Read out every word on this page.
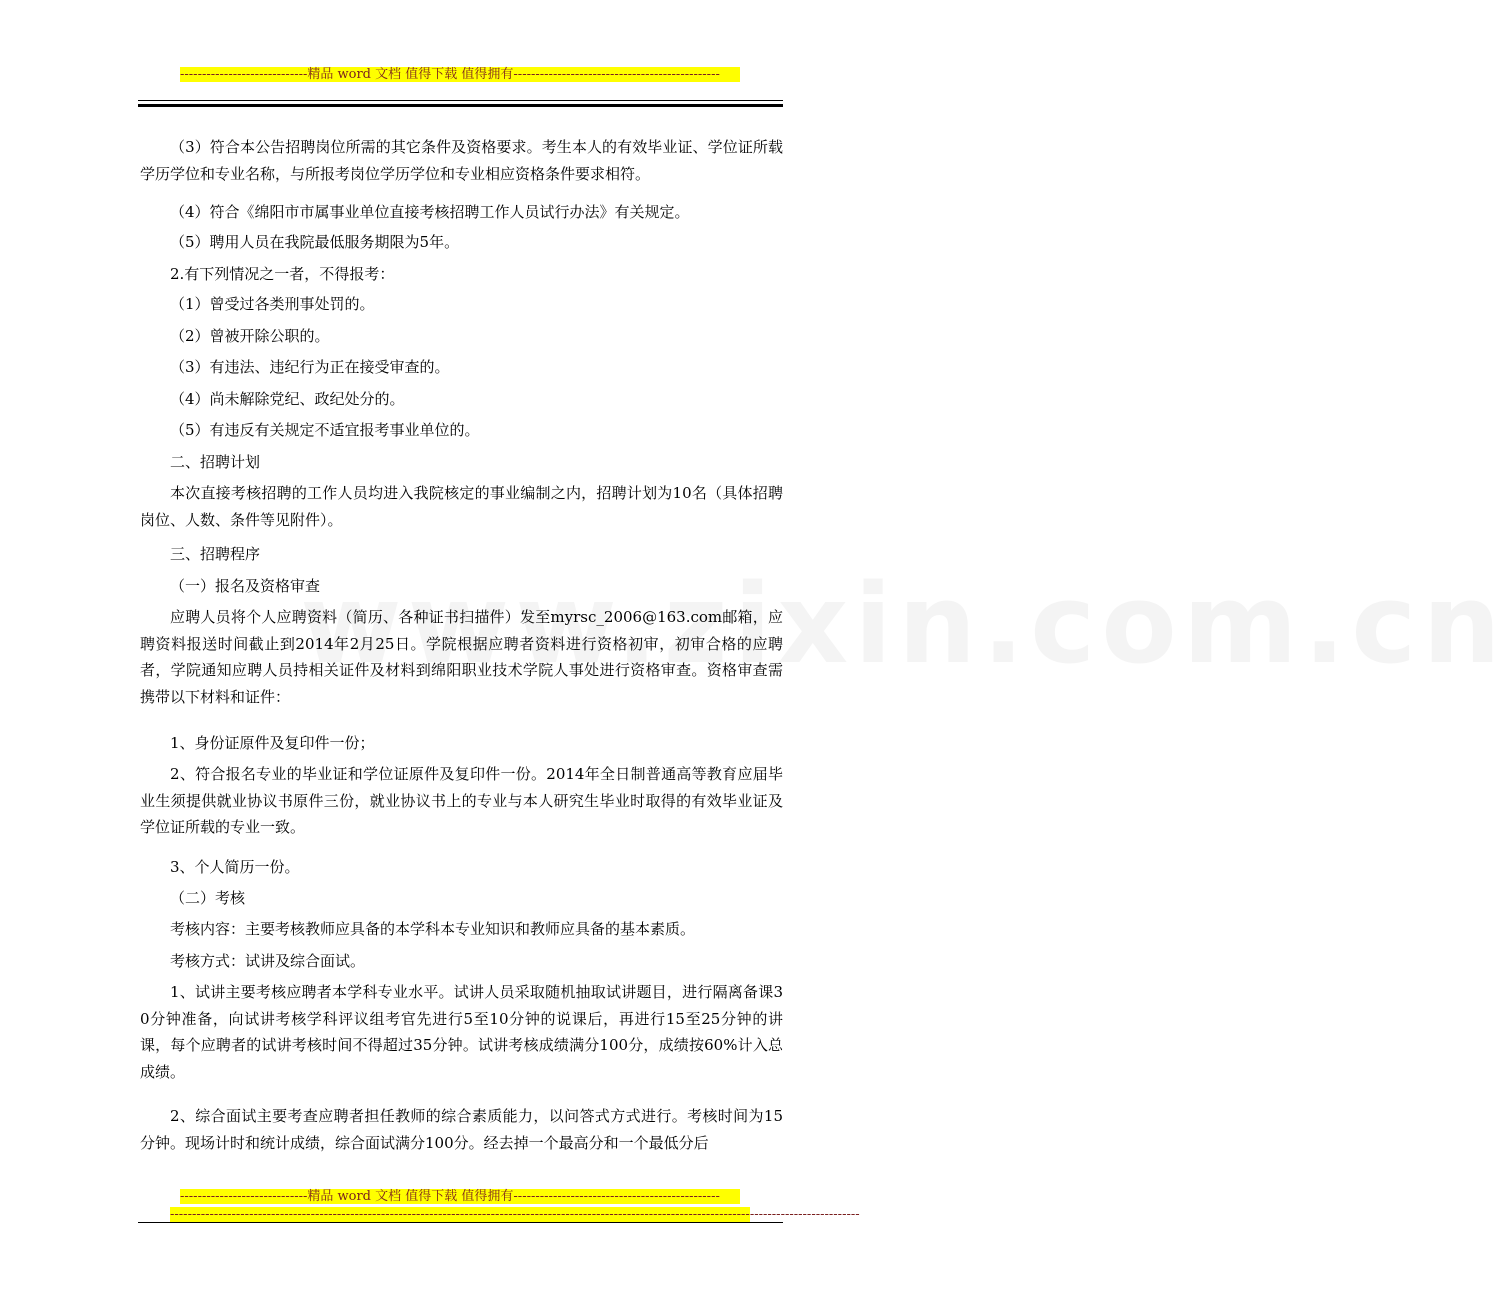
-----------------------------精品 word 文档 值得下载 值得拥有-----------------------------------------------

（3）符合本公告招聘岗位所需的其它条件及资格要求。考生本人的有效毕业证、学位证所载学历学位和专业名称，与所报考岗位学历学位和专业相应资格条件要求相符。

（4）符合《绵阳市市属事业单位直接考核招聘工作人员试行办法》有关规定。

（5）聘用人员在我院最低服务期限为5年。

2.有下列情况之一者，不得报考：

（1）曾受过各类刑事处罚的。

（2）曾被开除公职的。

（3）有违法、违纪行为正在接受审查的。

（4）尚未解除党纪、政纪处分的。

（5）有违反有关规定不适宜报考事业单位的。

二、招聘计划

本次直接考核招聘的工作人员均进入我院核定的事业编制之内，招聘计划为10名（具体招聘岗位、人数、条件等见附件）。

三、招聘程序

（一）报名及资格审查

应聘人员将个人应聘资料（简历、各种证书扫描件）发至myrsc_2006@163.com邮箱，应聘资料报送时间截止到2014年2月25日。学院根据应聘者资料进行资格初审，初审合格的应聘者，学院通知应聘人员持相关证件及材料到绵阳职业技术学院人事处进行资格审查。资格审查需携带以下材料和证件：

1、身份证原件及复印件一份；

2、符合报名专业的毕业证和学位证原件及复印件一份。2014年全日制普通高等教育应届毕业生须提供就业协议书原件三份，就业协议书上的专业与本人研究生毕业时取得的有效毕业证及学位证所载的专业一致。

3、个人简历一份。

（二）考核

考核内容：主要考核教师应具备的本学科本专业知识和教师应具备的基本素质。

考核方式：试讲及综合面试。

1、试讲主要考核应聘者本学科专业水平。试讲人员采取随机抽取试讲题目，进行隔离备课30分钟准备，向试讲考核学科评议组考官先进行5至10分钟的说课后，再进行15至25分钟的讲课，每个应聘者的试讲考核时间不得超过35分钟。试讲考核成绩满分100分，成绩按60%计入总成绩。

2、综合面试主要考查应聘者担任教师的综合素质能力，以问答式方式进行。考核时间为15分钟。现场计时和统计成绩，综合面试满分100分。经去掉一个最高分和一个最低分后

-----------------------------精品 word 文档 值得下载 值得拥有-----------------------------------------------
-------------------------------------------------------------------------------------------------------------------------------------------------------------
